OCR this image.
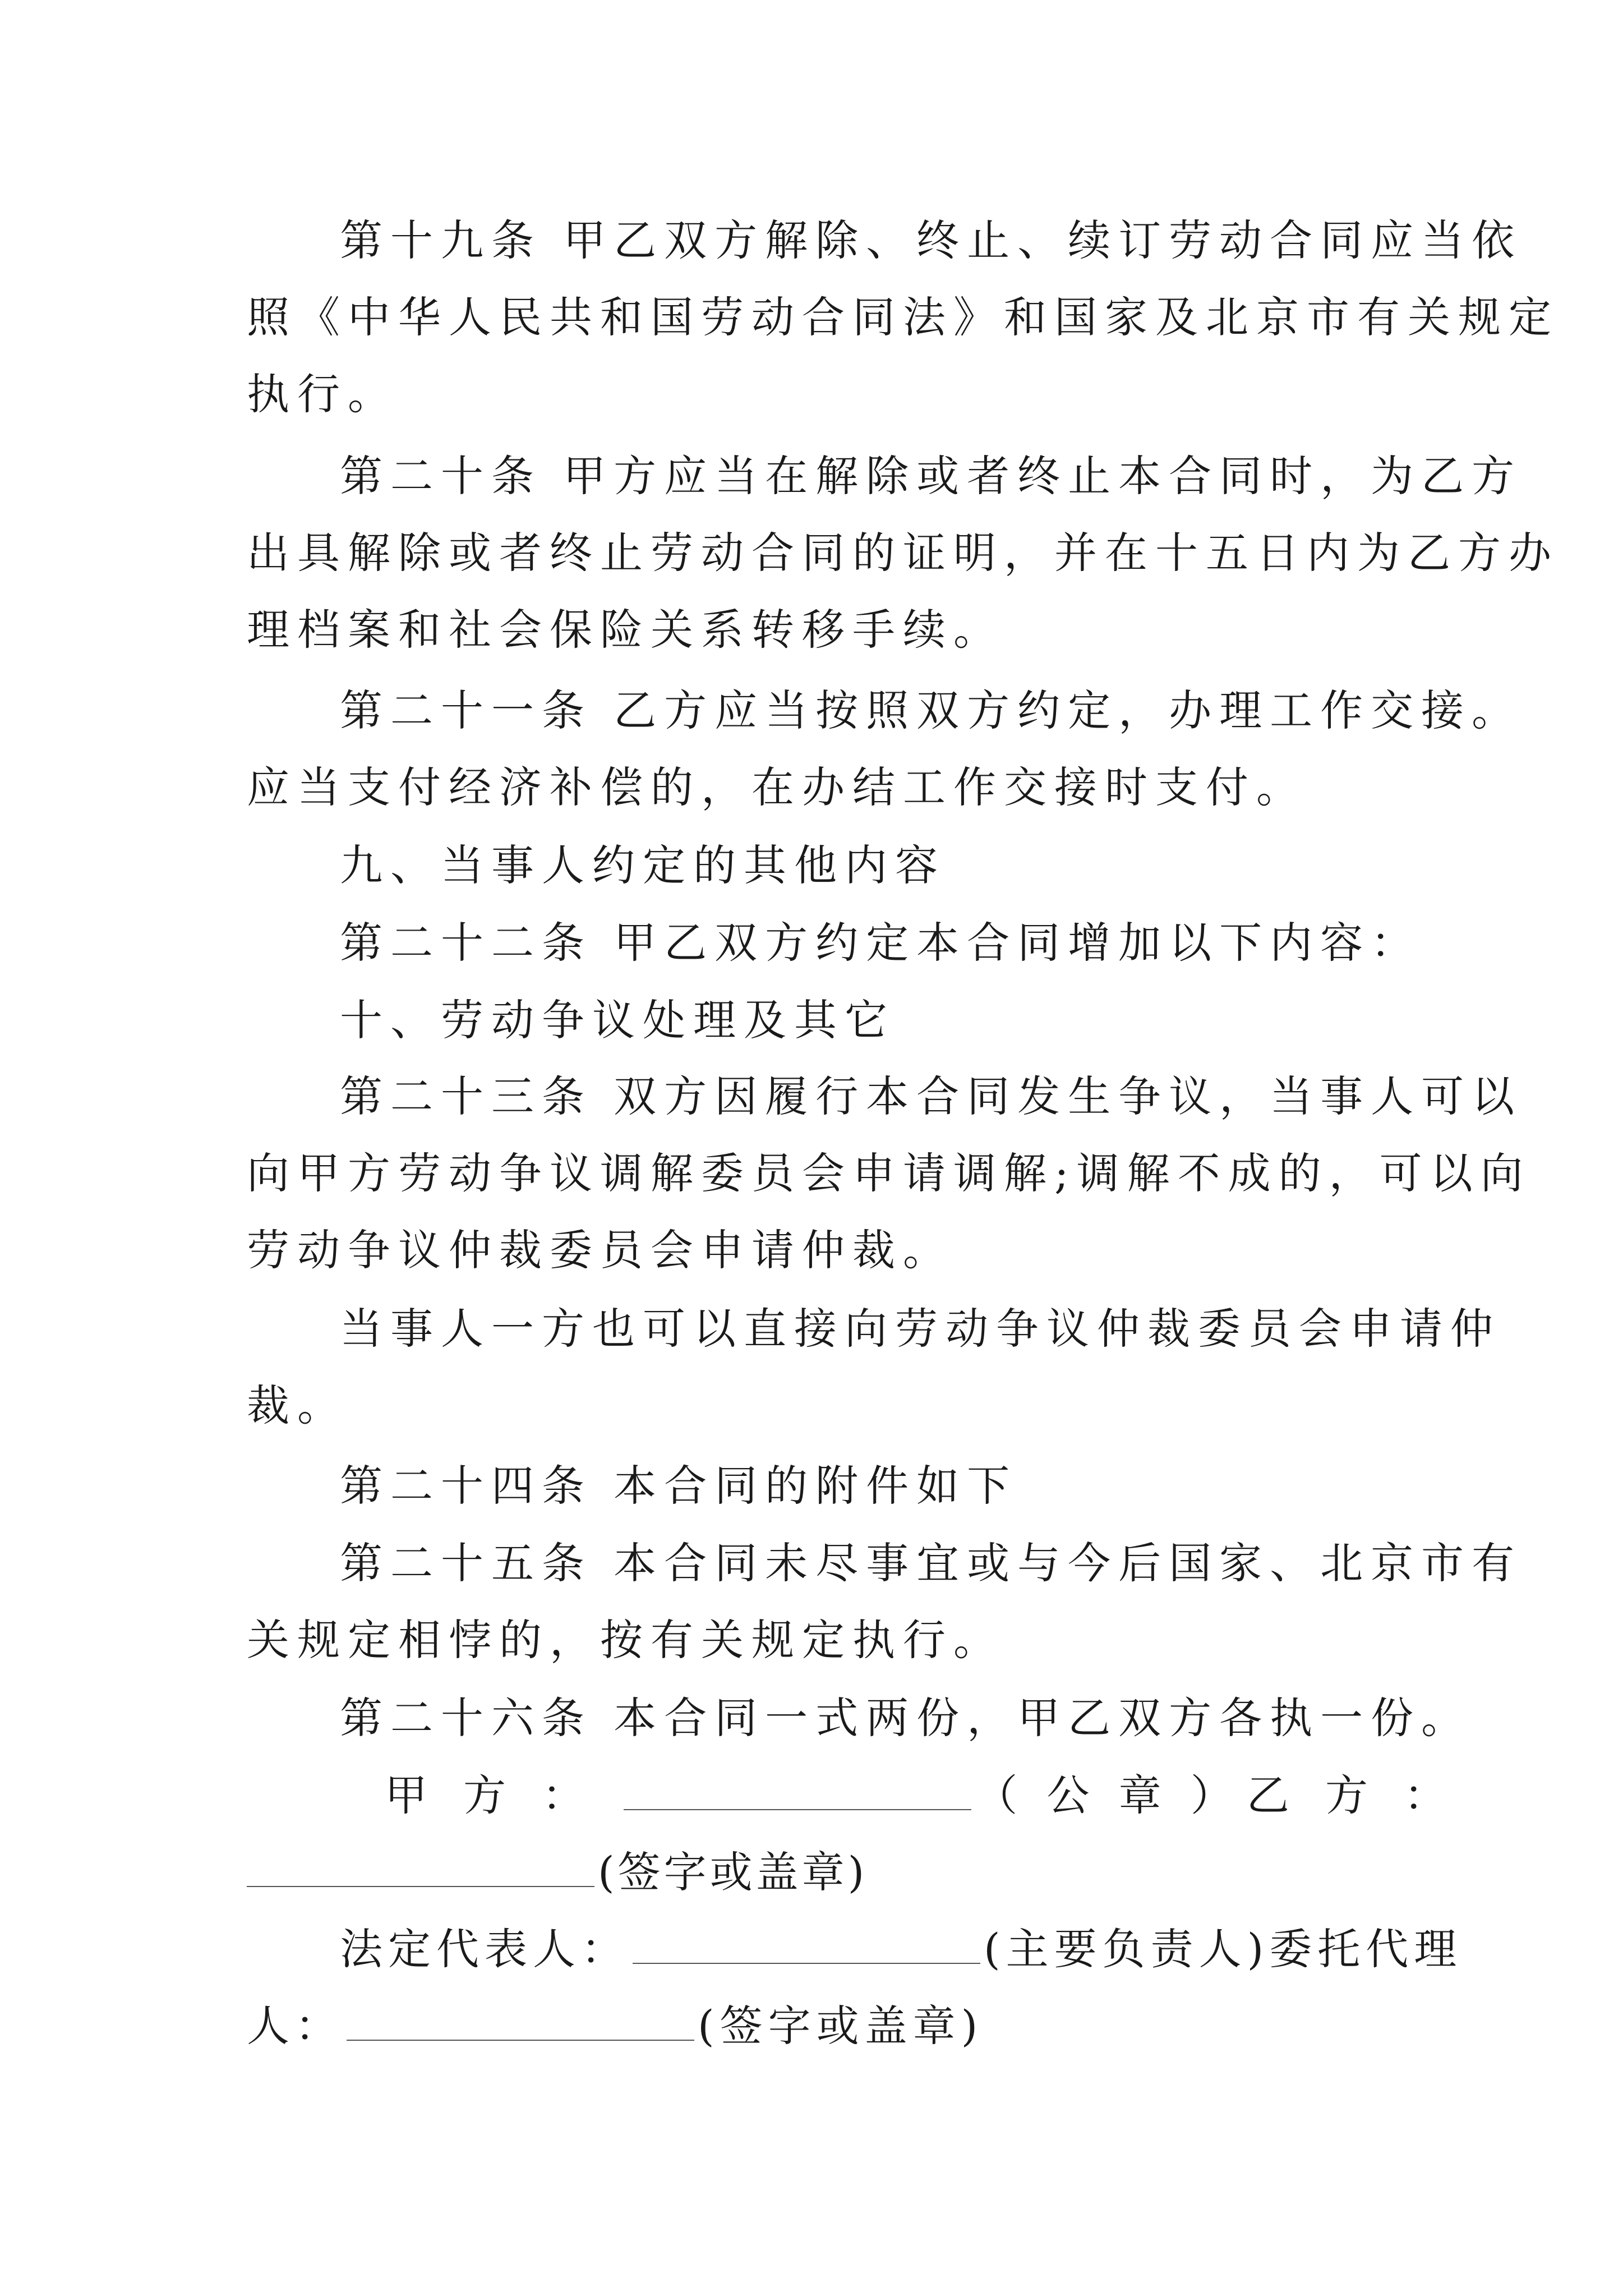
第十九条 甲乙双方解除、终止、续订劳动合同应当依
照《中华人民共和国劳动合同法》和国家及北京市有关规定
执行。

第二十条 甲方应当在解除或者终止本合同时，为乙方
出具解除或者终止劳动合同的证明，并在十五日内为乙方办
理档案和社会保险关系转移手续。

第二十一条 乙方应当按照双方约定，办理工作交接。
应当支付经济补偿的，在办结工作交接时支付。

九、当事人约定的其他内容

第二十二条 甲乙双方约定本合同增加以下内容：

十、劳动争议处理及其它

第二十三条 双方因履行本合同发生争议，当事人可以
向甲方劳动争议调解委员会申请调解;调解不成的，可以向
劳动争议仲裁委员会申请仲裁。

当事人一方也可以直接向劳动争议仲裁委员会申请仲
裁。

第二十四条 本合同的附件如下

第二十五条 本合同未尽事宜或与今后国家、北京市有
关规定相悖的，按有关规定执行。

第二十六条 本合同一式两份，甲乙双方各执一份。

甲 方 ：	（ 公 章 ） 乙 方 ：
(签字或盖章)
法定代表人：	(主要负责人)委托代理
人：	(签字或盖章)
